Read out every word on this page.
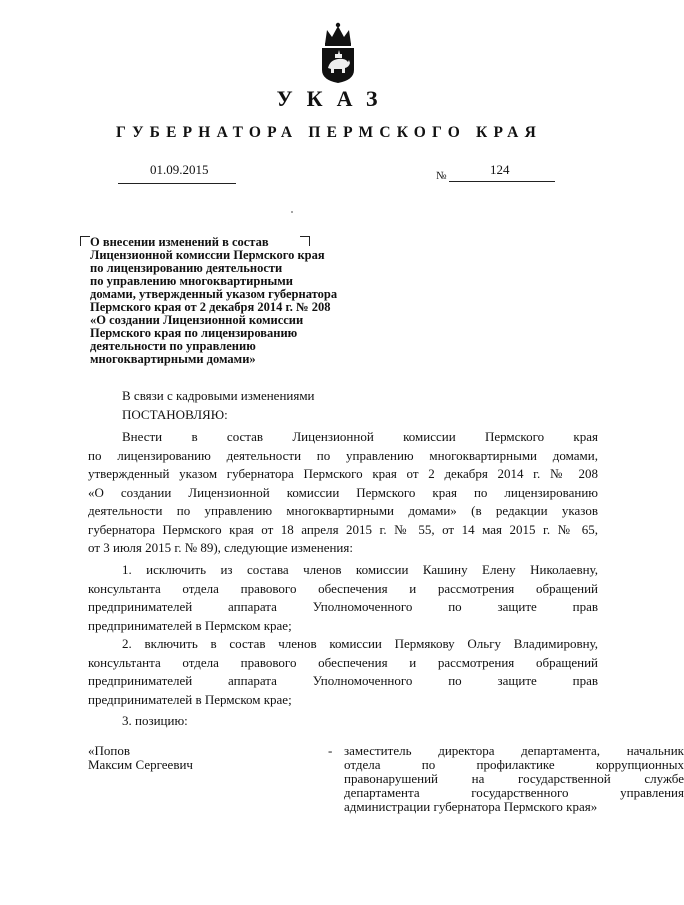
УКАЗ
ГУБЕРНАТОРА ПЕРМСКОГО КРАЯ
01.09.2015	№	124
О внесении изменений в состав
Лицензионной комиссии Пермского края
по лицензированию деятельности
по управлению многоквартирными
домами, утвержденный указом губернатора
Пермского края от 2 декабря 2014 г. № 208
«О создании Лицензионной комиссии
Пермского края по лицензированию
деятельности по управлению
многоквартирными домами»
В связи с кадровыми изменениями
ПОСТАНОВЛЯЮ:
Внести в состав Лицензионной комиссии Пермского края
по лицензированию деятельности по управлению многоквартирными домами,
утвержденный указом губернатора Пермского края от 2 декабря 2014 г. № 208
«О создании Лицензионной комиссии Пермского края по лицензированию
деятельности по управлению многоквартирными домами» (в редакции указов
губернатора Пермского края от 18 апреля 2015 г. № 55, от 14 мая 2015 г. № 65,
от 3 июля 2015 г. № 89), следующие изменения:
1. исключить из состава членов комиссии Кашину Елену Николаевну,
консультанта отдела правового обеспечения и рассмотрения обращений
предпринимателей аппарата Уполномоченного по защите прав
предпринимателей в Пермском крае;
2. включить в состав членов комиссии Пермякову Ольгу Владимировну,
консультанта отдела правового обеспечения и рассмотрения обращений
предпринимателей аппарата Уполномоченного по защите прав
предпринимателей в Пермском крае;
3. позицию:
«Попов
Максим Сергеевич
- заместитель директора департамента, начальник
отдела по профилактике коррупционных
правонарушений на государственной службе
департамента государственного управления
администрации губернатора Пермского края»
